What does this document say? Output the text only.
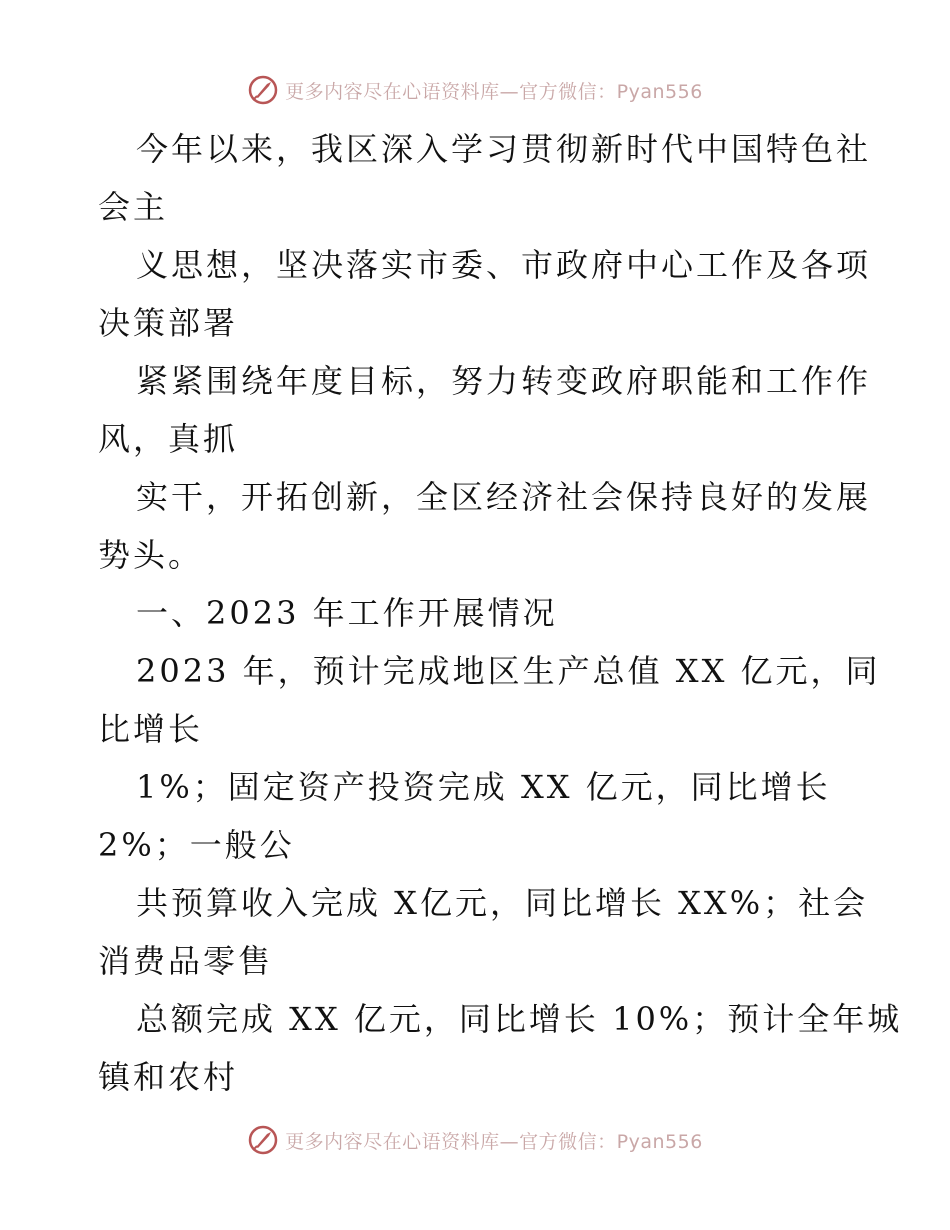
更多内容尽在心语资料库—官方微信：Pyan556
今年以来，我区深入学习贯彻新时代中国特色社
会主
义思想，坚决落实市委、市政府中心工作及各项
决策部署
紧紧围绕年度目标，努力转变政府职能和工作作
风，真抓
实干，开拓创新，全区经济社会保持良好的发展
势头。
一、2023 年工作开展情况
2023 年，预计完成地区生产总值 XX 亿元，同
比增长
1%；固定资产投资完成 XX 亿元，同比增长
2%；一般公
共预算收入完成 X亿元，同比增长 XX%；社会
消费品零售
总额完成 XX 亿元，同比增长 10%；预计全年城
镇和农村
更多内容尽在心语资料库—官方微信：Pyan556
